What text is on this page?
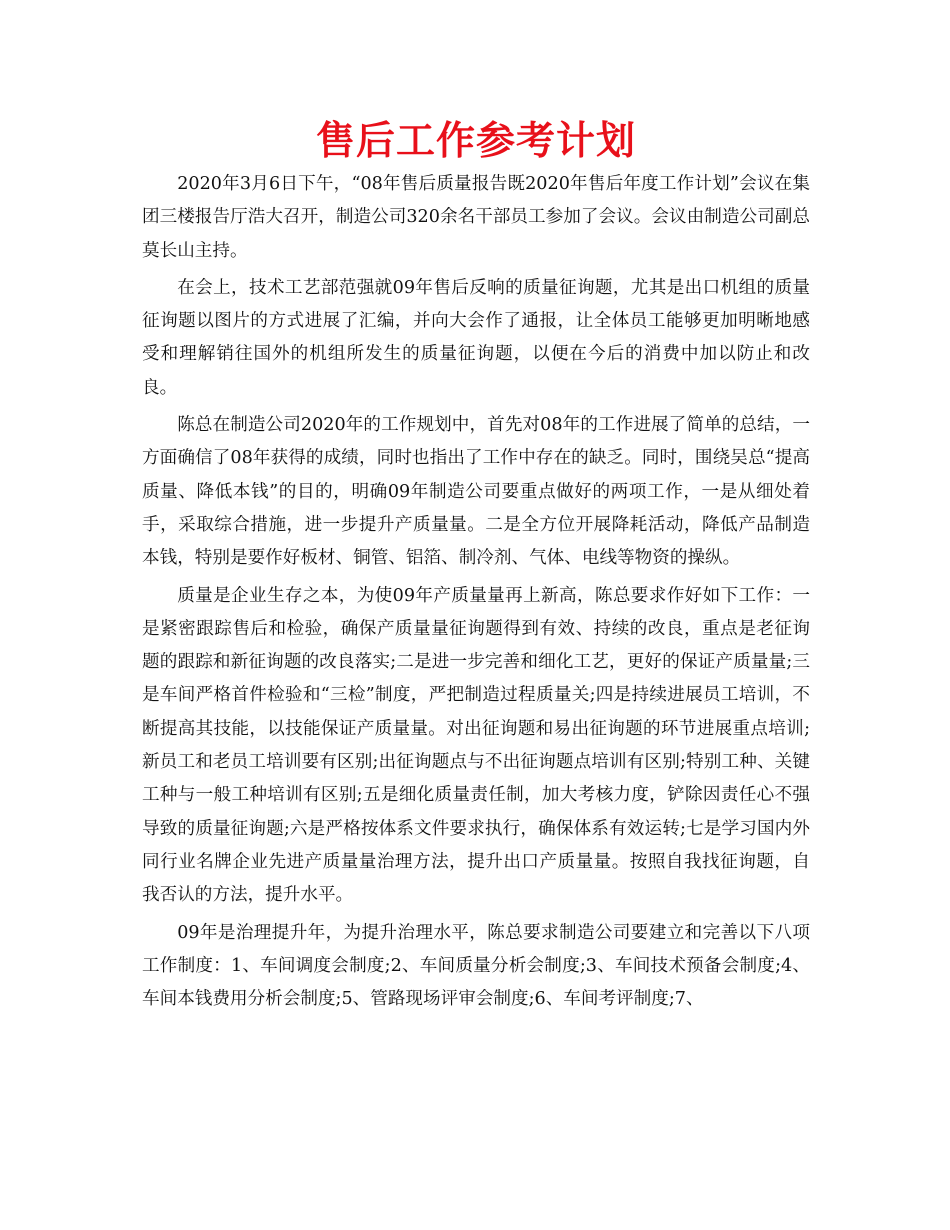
售后工作参考计划

2020年3月6日下午，“08年售后质量报告既2020年售后年度工作计划”会议在集团三楼报告厅浩大召开，制造公司320余名干部员工参加了会议。会议由制造公司副总莫长山主持。

在会上，技术工艺部范强就09年售后反响的质量征询题，尤其是出口机组的质量征询题以图片的方式进展了汇编，并向大会作了通报，让全体员工能够更加明晰地感受和理解销往国外的机组所发生的质量征询题，以便在今后的消费中加以防止和改良。

陈总在制造公司2020年的工作规划中，首先对08年的工作进展了简单的总结，一方面确信了08年获得的成绩，同时也指出了工作中存在的缺乏。同时，围绕吴总“提高质量、降低本钱”的目的，明确09年制造公司要重点做好的两项工作，一是从细处着手，采取综合措施，进一步提升产质量量。二是全方位开展降耗活动，降低产品制造本钱，特别是要作好板材、铜管、铝箔、制冷剂、气体、电线等物资的操纵。

质量是企业生存之本，为使09年产质量量再上新高，陈总要求作好如下工作：一是紧密跟踪售后和检验，确保产质量量征询题得到有效、持续的改良，重点是老征询题的跟踪和新征询题的改良落实;二是进一步完善和细化工艺，更好的保证产质量量;三是车间严格首件检验和“三检”制度，严把制造过程质量关;四是持续进展员工培训，不断提高其技能，以技能保证产质量量。对出征询题和易出征询题的环节进展重点培训;新员工和老员工培训要有区别;出征询题点与不出征询题点培训有区别;特别工种、关键工种与一般工种培训有区别;五是细化质量责任制，加大考核力度，铲除因责任心不强导致的质量征询题;六是严格按体系文件要求执行，确保体系有效运转;七是学习国内外同行业名牌企业先进产质量量治理方法，提升出口产质量量。按照自我找征询题，自我否认的方法，提升水平。

09年是治理提升年，为提升治理水平，陈总要求制造公司要建立和完善以下八项工作制度：1、车间调度会制度;2、车间质量分析会制度;3、车间技术预备会制度;4、车间本钱费用分析会制度;5、管路现场评审会制度;6、车间考评制度;7、
